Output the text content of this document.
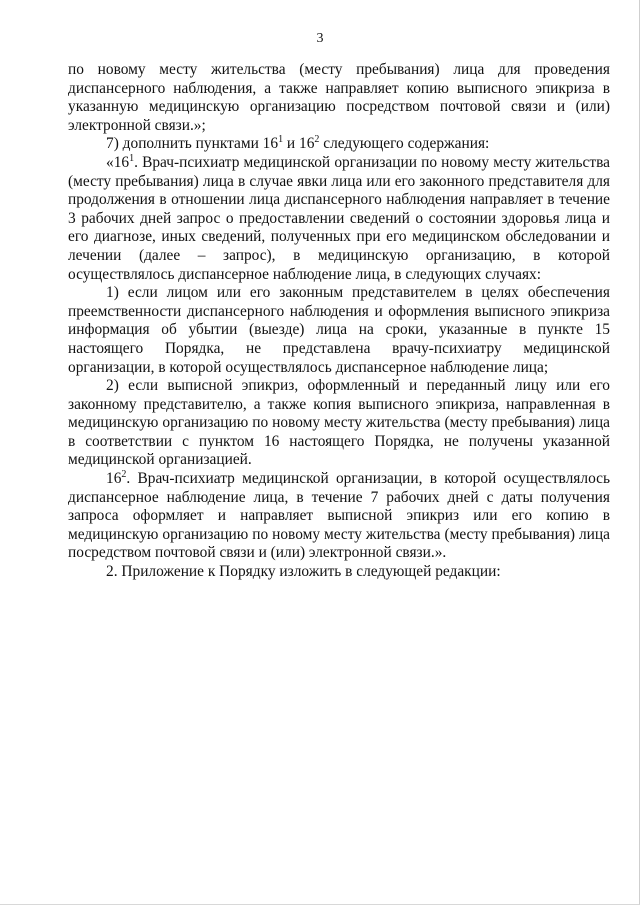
3

по новому месту жительства (месту пребывания) лица для проведения диспансерного наблюдения, а также направляет копию выписного эпикриза в указанную медицинскую организацию посредством почтовой связи и (или) электронной связи.»;

7) дополнить пунктами $16^1$ и $16^2$ следующего содержания:

«$16^1$. Врач-психиатр медицинской организации по новому месту жительства (месту пребывания) лица в случае явки лица или его законного представителя для продолжения в отношении лица диспансерного наблюдения направляет в течение 3 рабочих дней запрос о предоставлении сведений о состоянии здоровья лица и его диагнозе, иных сведений, полученных при его медицинском обследовании и лечении (далее – запрос), в медицинскую организацию, в которой осуществлялось диспансерное наблюдение лица, в следующих случаях:

1) если лицом или его законным представителем в целях обеспечения преемственности диспансерного наблюдения и оформления выписного эпикриза информация об убытии (выезде) лица на сроки, указанные в пункте 15 настоящего Порядка, не представлена врачу-психиатру медицинской организации, в которой осуществлялось диспансерное наблюдение лица;

2) если выписной эпикриз, оформленный и переданный лицу или его законному представителю, а также копия выписного эпикриза, направленная в медицинскую организацию по новому месту жительства (месту пребывания) лица в соответствии с пунктом 16 настоящего Порядка, не получены указанной медицинской организацией.

$16^2$. Врач-психиатр медицинской организации, в которой осуществлялось диспансерное наблюдение лица, в течение 7 рабочих дней с даты получения запроса оформляет и направляет выписной эпикриз или его копию в медицинскую организацию по новому месту жительства (месту пребывания) лица посредством почтовой связи и (или) электронной связи.».

2. Приложение к Порядку изложить в следующей редакции:
